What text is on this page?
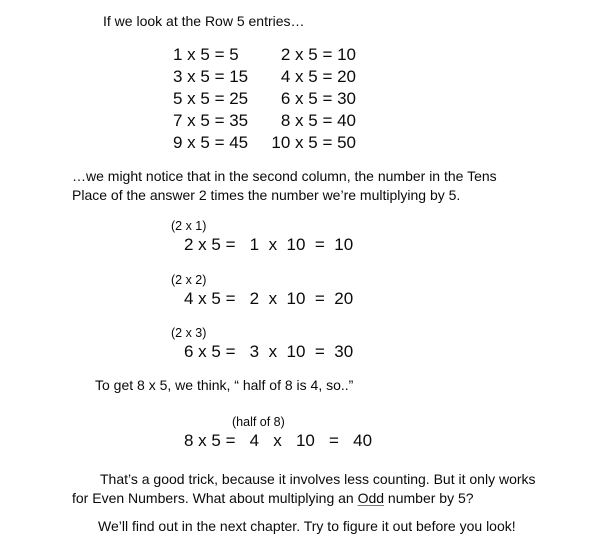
If we look at the Row 5 entries…
1 x 5 = 5	2 x 5 = 10
3 x 5 = 15	4 x 5 = 20
5 x 5 = 25	6 x 5 = 30
7 x 5 = 35	8 x 5 = 40
9 x 5 = 45	10 x 5 = 50
…we might notice that in the second column, the number in the Tens
Place of the answer 2 times the number we’re multiplying by 5.
(2 x 1)
2 x 5 =   1  x  10  =  10
(2 x 2)
4 x 5 =   2  x  10  =  20
(2 x 3)
6 x 5 =   3  x  10  =  30
To get 8 x 5, we think, “ half of 8 is 4, so..”
(half of 8)
8 x 5 =   4   x   10   =   40
That’s a good trick, because it involves less counting. But it only works
for Even Numbers. What about multiplying an Odd number by 5?
We’ll find out in the next chapter. Try to figure it out before you look!
